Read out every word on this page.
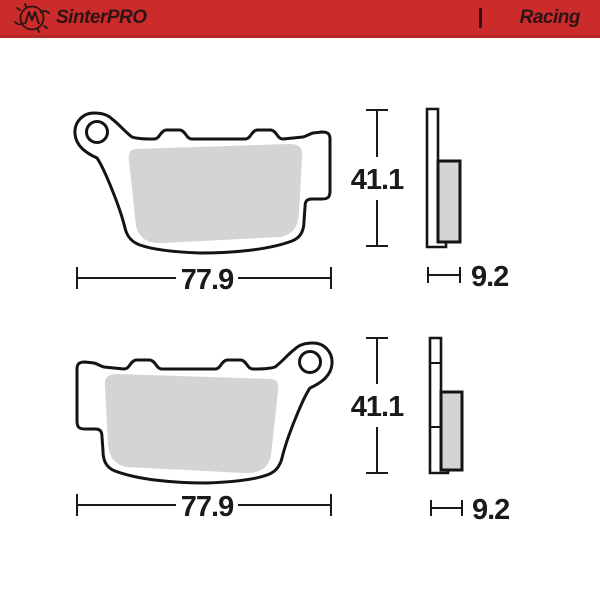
77.9
41.1
9.2
77.9
41.1
9.2
SinterPRO	Racing
